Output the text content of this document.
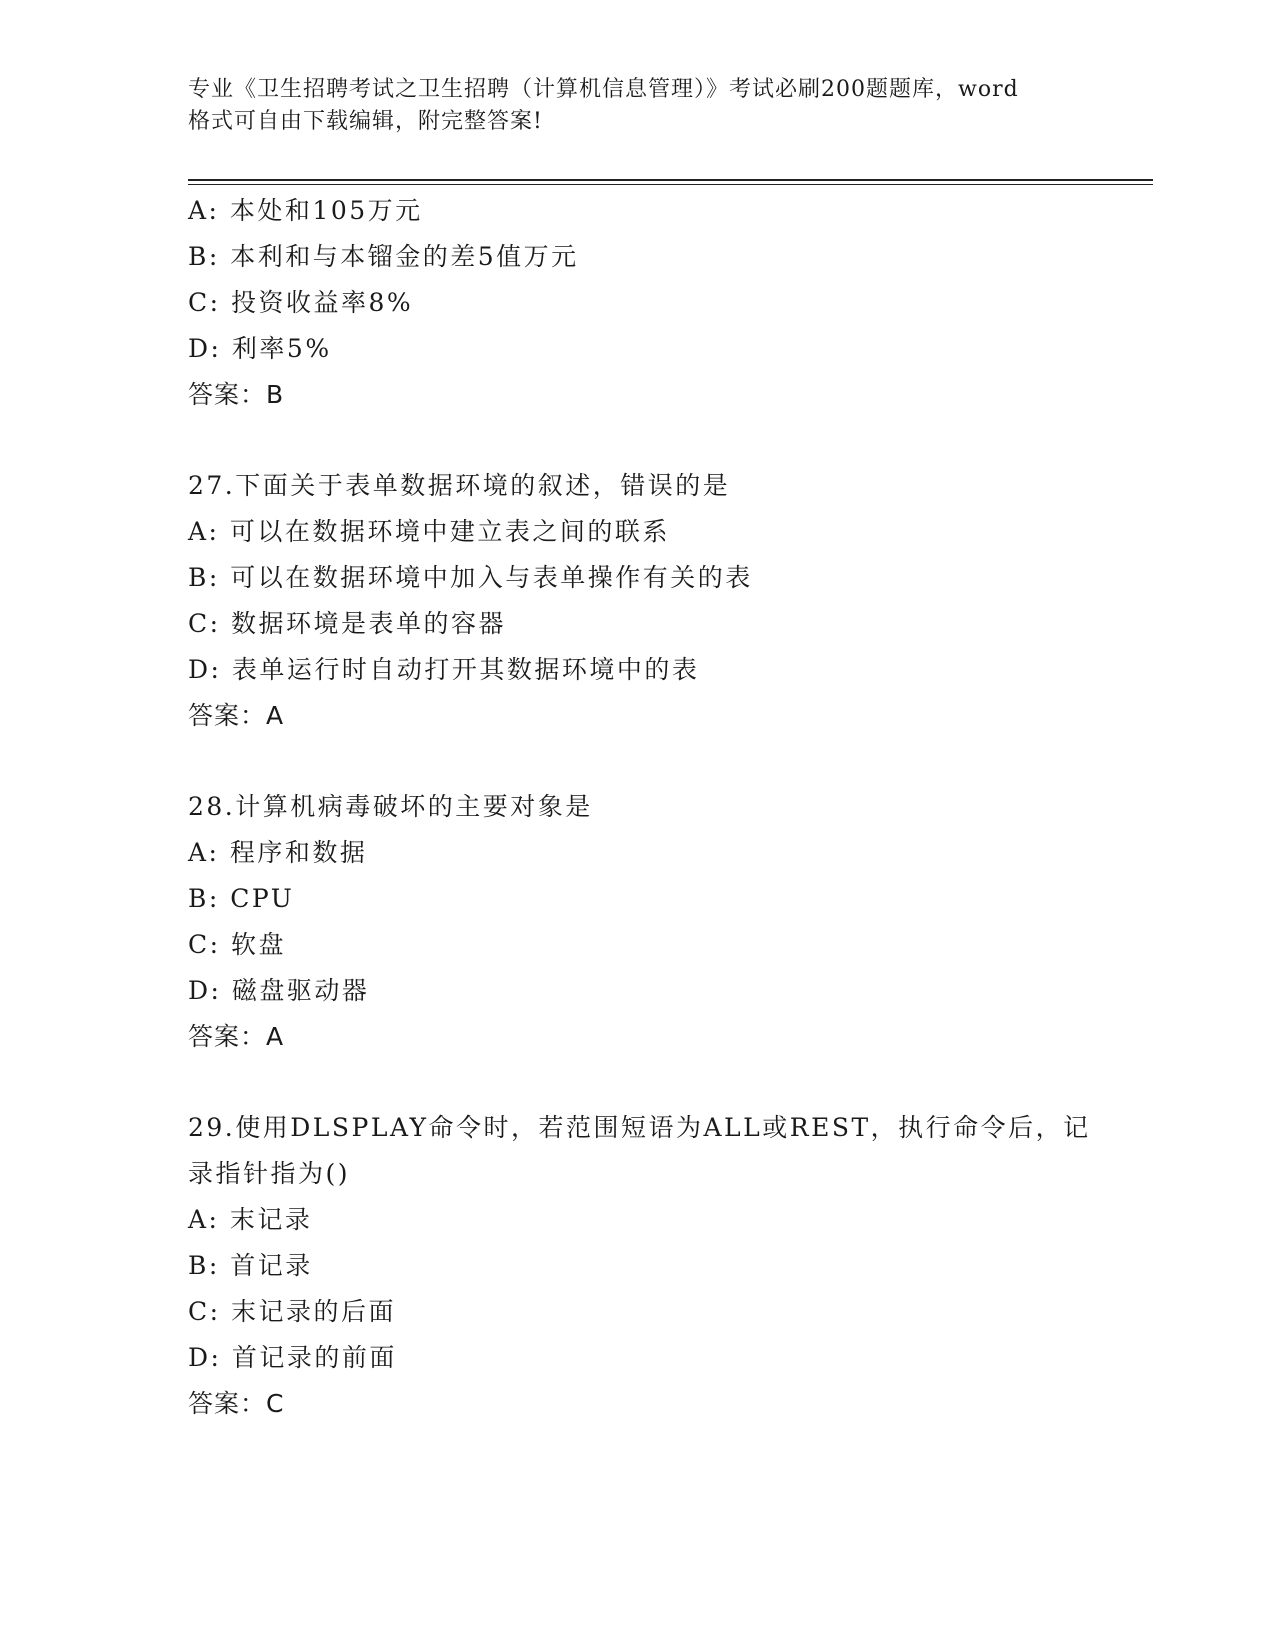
专业《卫生招聘考试之卫生招聘（计算机信息管理）》考试必刷200题题库，word
格式可自由下载编辑，附完整答案!
A: 本处和105万元
B: 本利和与本镏金的差5值万元
C: 投资收益率8%
D: 利率5%
答案：B
27.下面关于表单数据环境的叙述，错误的是
A: 可以在数据环境中建立表之间的联系
B: 可以在数据环境中加入与表单操作有关的表
C: 数据环境是表单的容器
D: 表单运行时自动打开其数据环境中的表
答案：A
28.计算机病毒破坏的主要对象是
A: 程序和数据
B: CPU
C: 软盘
D: 磁盘驱动器
答案：A
29.使用DLSPLAY命令时，若范围短语为ALL或REST，执行命令后，记
录指针指为()
A: 末记录
B: 首记录
C: 末记录的后面
D: 首记录的前面
答案：C
